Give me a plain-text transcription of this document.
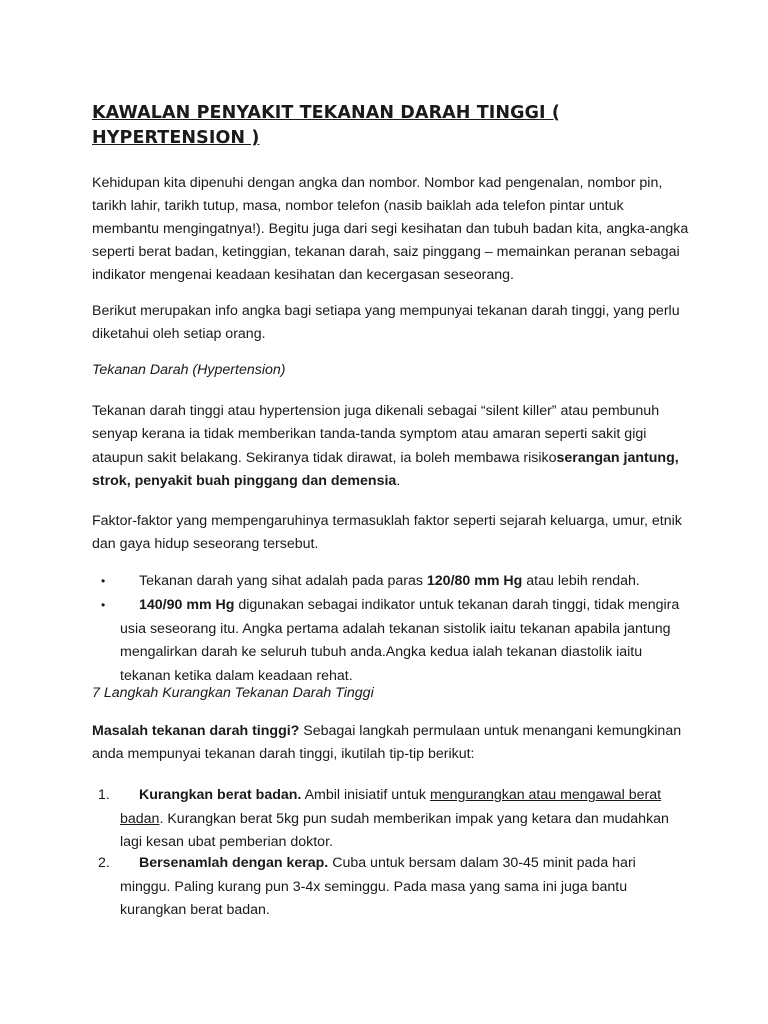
KAWALAN PENYAKIT TEKANAN DARAH TINGGI ( HYPERTENSION )

Kehidupan kita dipenuhi dengan angka dan nombor. Nombor kad pengenalan, nombor pin, tarikh lahir, tarikh tutup, masa, nombor telefon (nasib baiklah ada telefon pintar untuk membantu mengingatnya!). Begitu juga dari segi kesihatan dan tubuh badan kita, angka-angka seperti berat badan, ketinggian, tekanan darah, saiz pinggang – memainkan peranan sebagai indikator mengenai keadaan kesihatan dan kecergasan seseorang.

Berikut merupakan info angka bagi setiapa yang mempunyai tekanan darah tinggi, yang perlu diketahui oleh setiap orang.

Tekanan Darah (Hypertension)

Tekanan darah tinggi atau hypertension juga dikenali sebagai “silent killer” atau pembunuh senyap kerana ia tidak memberikan tanda-tanda symptom atau amaran seperti sakit gigi ataupun sakit belakang. Sekiranya tidak dirawat, ia boleh membawa risikoserangan jantung, strok, penyakit buah pinggang dan demensia.

Faktor-faktor yang mempengaruhinya termasuklah faktor seperti sejarah keluarga, umur, etnik dan gaya hidup seseorang tersebut.

•	Tekanan darah yang sihat adalah pada paras 120/80 mm Hg atau lebih rendah.
•	140/90 mm Hg digunakan sebagai indikator untuk tekanan darah tinggi, tidak mengira usia seseorang itu. Angka pertama adalah tekanan sistolik iaitu tekanan apabila jantung mengalirkan darah ke seluruh tubuh anda.Angka kedua ialah tekanan diastolik iaitu tekanan ketika dalam keadaan rehat.

7 Langkah Kurangkan Tekanan Darah Tinggi

Masalah tekanan darah tinggi? Sebagai langkah permulaan untuk menangani kemungkinan anda mempunyai tekanan darah tinggi, ikutilah tip-tip berikut:

1.	Kurangkan berat badan. Ambil inisiatif untuk mengurangkan atau mengawal berat badan. Kurangkan berat 5kg pun sudah memberikan impak yang ketara dan mudahkan lagi kesan ubat pemberian doktor.
2.	Bersenamlah dengan kerap. Cuba untuk bersam dalam 30-45 minit pada hari minggu. Paling kurang pun 3-4x seminggu. Pada masa yang sama ini juga bantu kurangkan berat badan.
